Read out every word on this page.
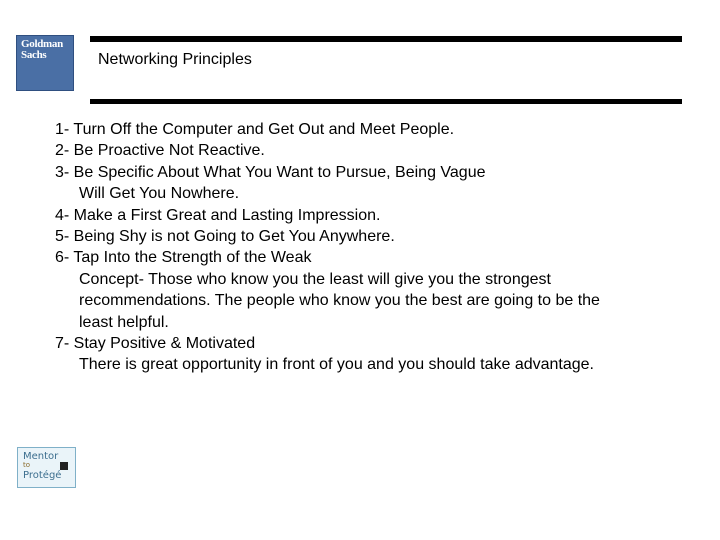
Goldman
Sachs	Networking Principles
1- Turn Off the Computer and Get Out and Meet People.
2- Be Proactive Not Reactive.
3- Be Specific About What You Want to Pursue, Being Vague
Will Get You Nowhere.
4- Make a First Great and Lasting Impression.
5- Being Shy is not Going to Get You Anywhere.
6- Tap Into the Strength of the Weak
Concept- Those who know you the least will give you the strongest
recommendations. The people who know you the best are going to be the
least helpful.
7- Stay Positive & Motivated
There is great opportunity in front of you and you should take advantage.
Mentor
to
Protégé
